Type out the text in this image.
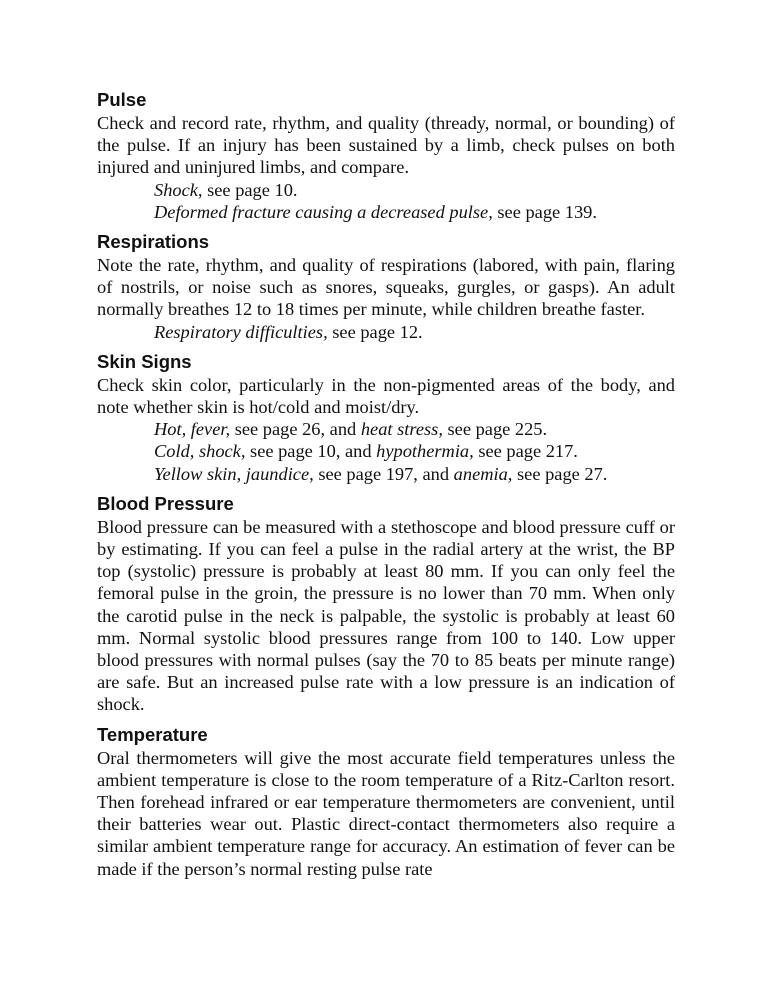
Pulse

Check and record rate, rhythm, and quality (thready, normal, or bounding) of the pulse. If an injury has been sustained by a limb, check pulses on both injured and uninjured limbs, and compare.

Shock, see page 10.
Deformed fracture causing a decreased pulse, see page 139.
Respirations

Note the rate, rhythm, and quality of respirations (labored, with pain, flaring of nostrils, or noise such as snores, squeaks, gurgles, or gasps). An adult normally breathes 12 to 18 times per minute, while children breathe faster.

Respiratory difficulties, see page 12.
Skin Signs

Check skin color, particularly in the non-pigmented areas of the body, and note whether skin is hot/cold and moist/dry.

Hot, fever, see page 26, and heat stress, see page 225.
Cold, shock, see page 10, and hypothermia, see page 217.
Yellow skin, jaundice, see page 197, and anemia, see page 27.
Blood Pressure

Blood pressure can be measured with a stethoscope and blood pressure cuff or by estimating. If you can feel a pulse in the radial artery at the wrist, the BP top (systolic) pressure is probably at least 80 mm. If you can only feel the femoral pulse in the groin, the pressure is no lower than 70 mm. When only the carotid pulse in the neck is palpable, the systolic is probably at least 60 mm. Normal systolic blood pressures range from 100 to 140. Low upper blood pressures with normal pulses (say the 70 to 85 beats per minute range) are safe. But an increased pulse rate with a low pressure is an indication of shock.

Temperature

Oral thermometers will give the most accurate field temperatures unless the ambient temperature is close to the room temperature of a Ritz-Carlton resort. Then forehead infrared or ear temperature thermometers are convenient, until their batteries wear out. Plastic direct-contact thermometers also require a similar ambient temperature range for accuracy. An estimation of fever can be made if the person’s normal resting pulse rate
